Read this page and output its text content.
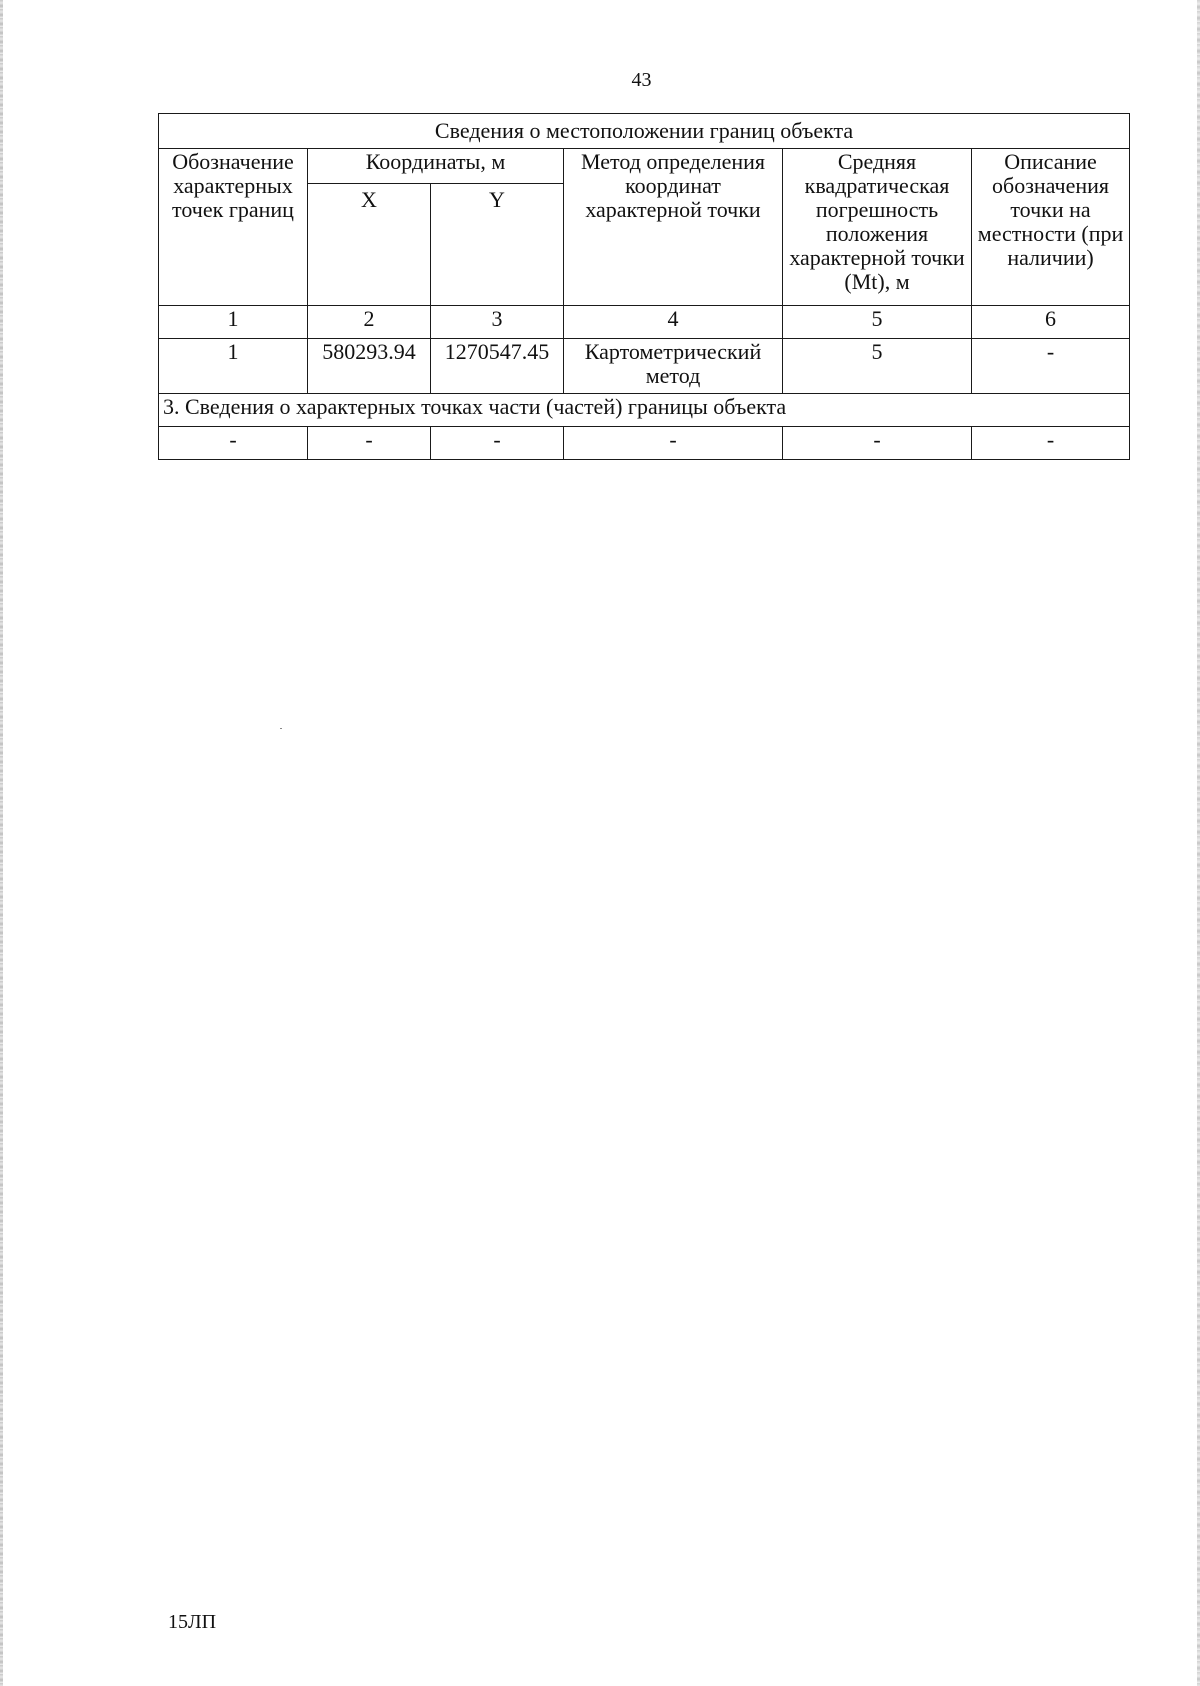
43
Сведения о местоположении границ объекта					
Обозначение характерных точек границ	Координаты, м		Метод определения координат характерной точки	Средняя квадратическая погрешность положения характерной точки (Mt), м	Описание обозначения точки на местности (при наличии)
	X	Y			
1	2	3	4	5	6
1	580293.94	1270547.45	Картометрический метод	5	-
3. Сведения о характерных точках части (частей) границы объекта					
-	-	-	-	-	-
15ЛП
